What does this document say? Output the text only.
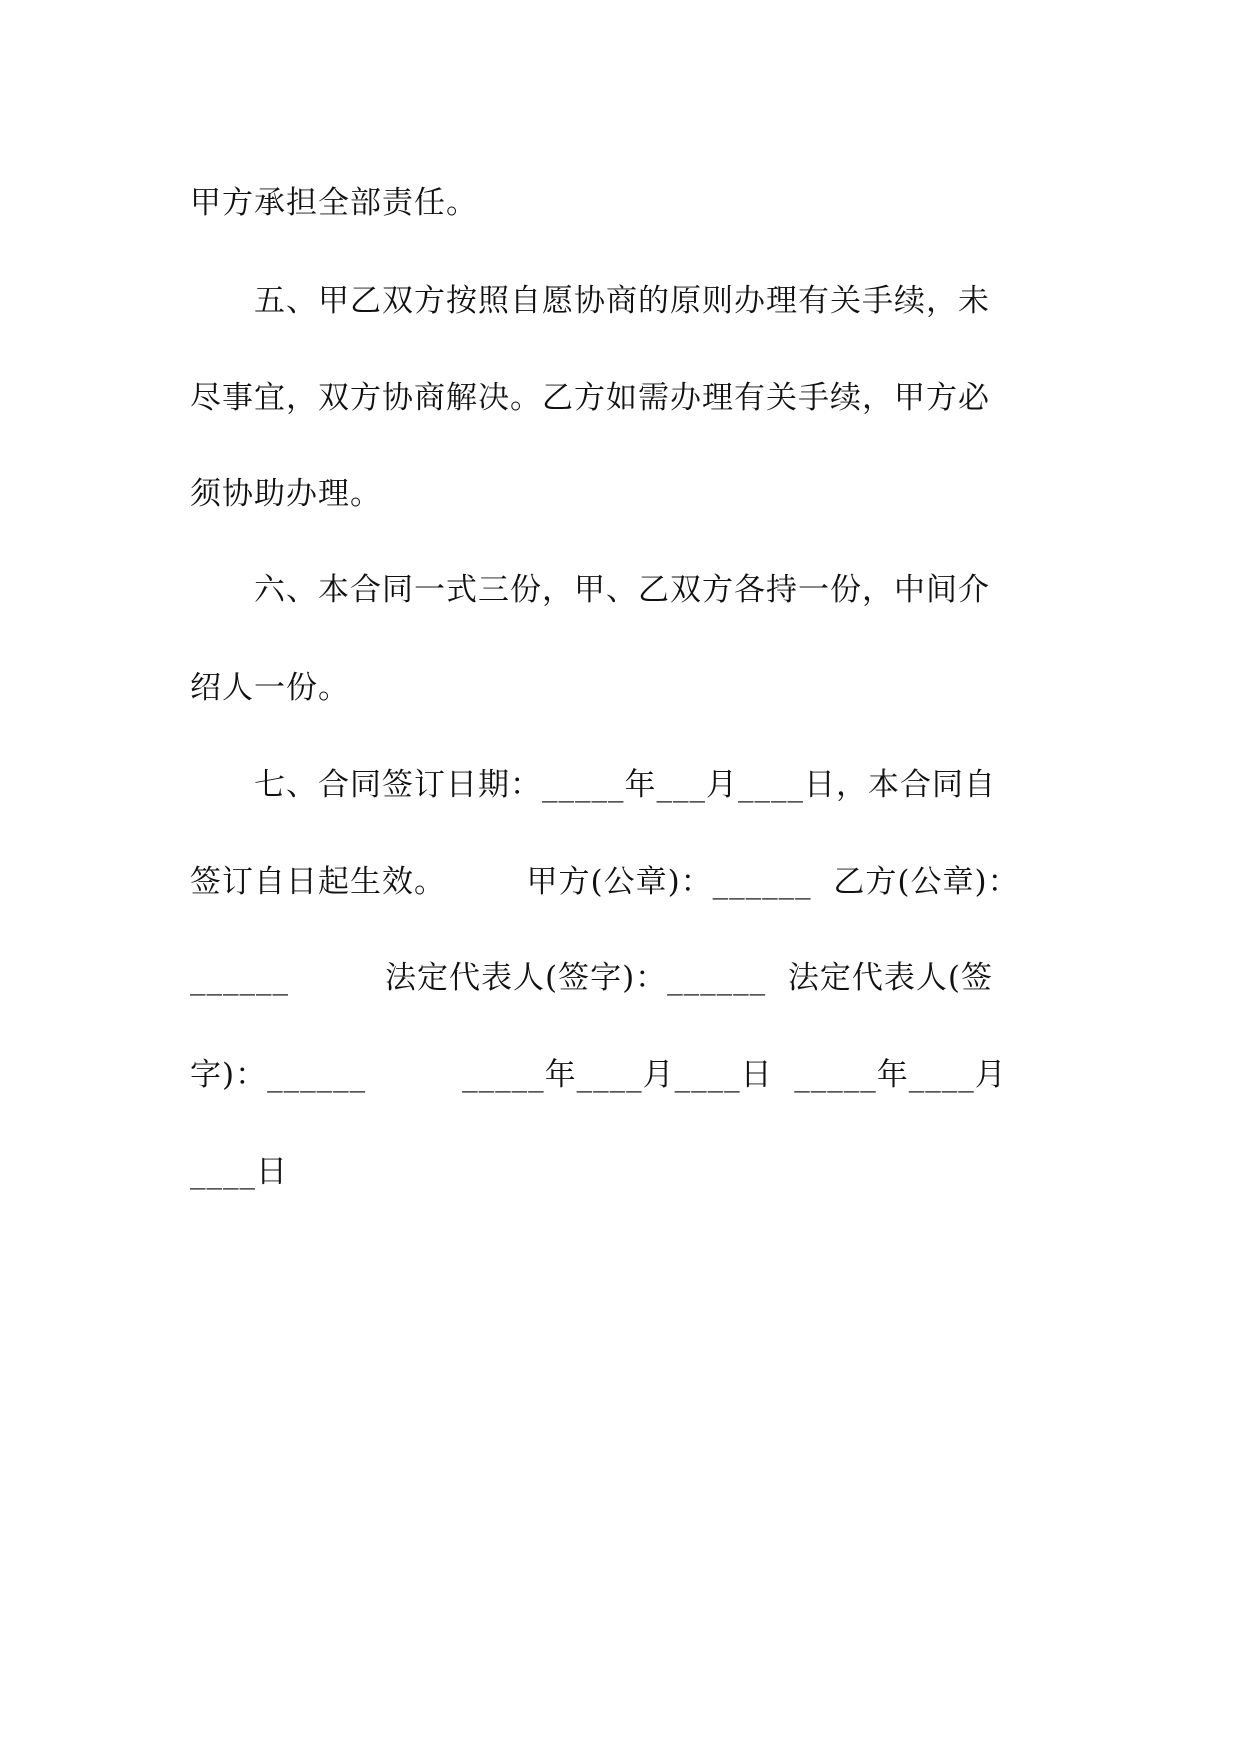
甲方承担全部责任。
　　五、甲乙双方按照自愿协商的原则办理有关手续，未
尽事宜，双方协商解决。乙方如需办理有关手续，甲方必
须协助办理。
　　六、本合同一式三份，甲、乙双方各持一份，中间介
绍人一份。
　　七、合同签订日期：_____年___月____日，本合同自
签订自日起生效。　　　甲方(公章)：______  乙方(公章)：
______　　　法定代表人(签字)：______  法定代表人(签
字)：______　　　_____年____月____日  _____年____月
____日
